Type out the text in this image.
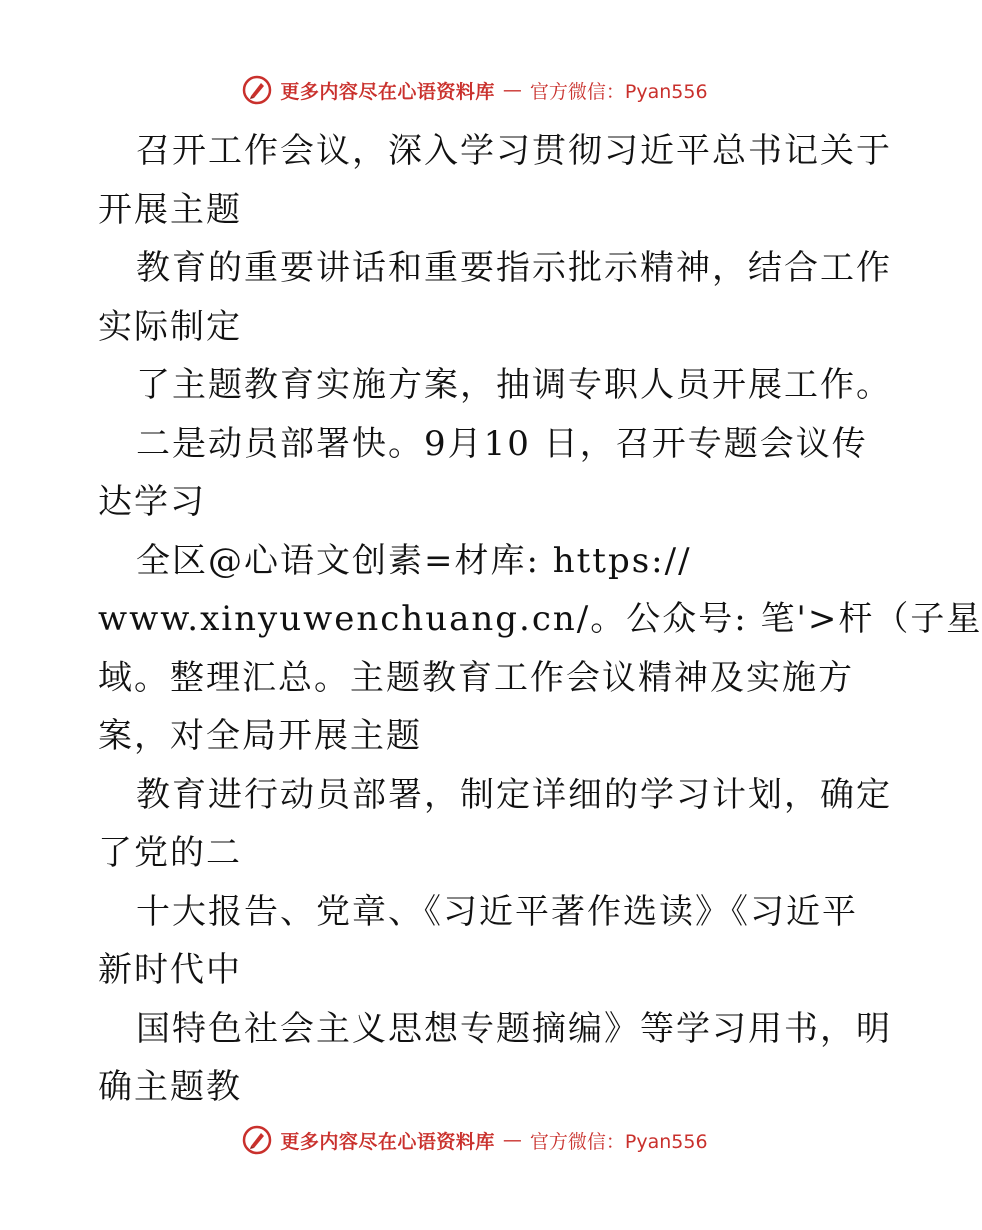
更多内容尽在心语资料库 — 官方微信：Pyan556
召开工作会议，深入学习贯彻习近平总书记关于
开展主题
教育的重要讲话和重要指示批示精神，结合工作
实际制定
了主题教育实施方案，抽调专职人员开展工作。
二是动员部署快。9月10 日，召开专题会议传
达学习
全区@心语文创素=材库: https://
www.xinyuwenchuang.cn/。公众号: 笔'>杆（子星
域。整理汇总。主题教育工作会议精神及实施方
案，对全局开展主题
教育进行动员部署，制定详细的学习计划，确定
了党的二
十大报告、党章、《习近平著作选读》《习近平
新时代中
国特色社会主义思想专题摘编》等学习用书，明
确主题教
更多内容尽在心语资料库 — 官方微信：Pyan556
